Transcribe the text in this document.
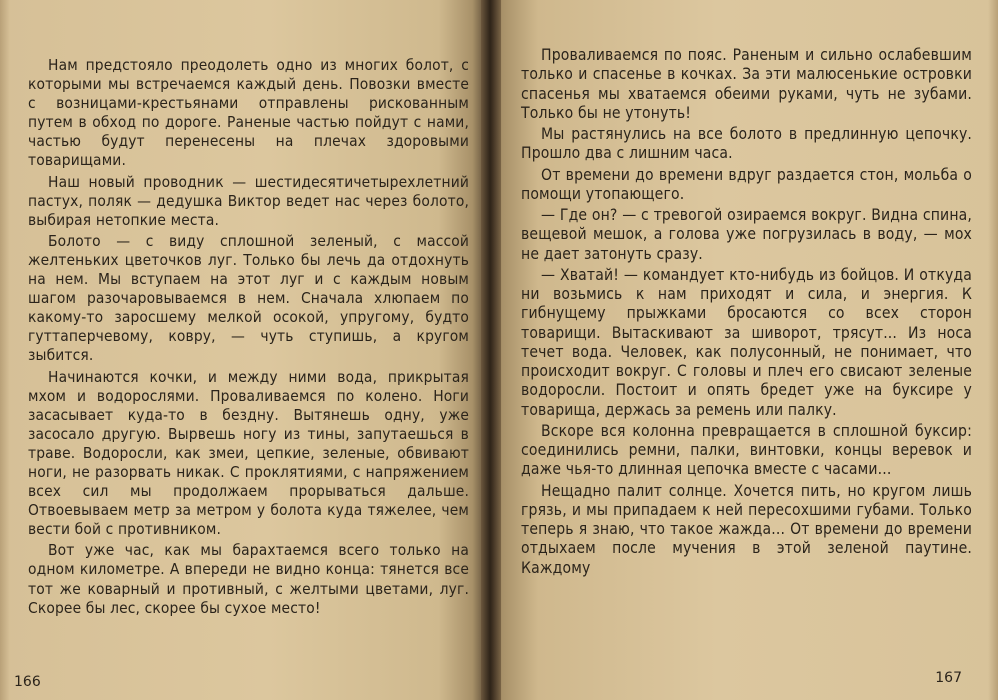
Нам предстояло преодолеть одно из многих болот, с которыми мы встречаемся каждый день. Повозки вместе с возницами-крестьянами отправлены рискованным путем в обход по дороге. Раненые частью пойдут с нами, частью будут перенесены на плечах здоровыми товарищами.

Наш новый проводник — шестидесятичетырехлетний пастух, поляк — дедушка Виктор ведет нас через болото, выбирая нетопкие места.

Болото — с виду сплошной зеленый, с массой желтеньких цветочков луг. Только бы лечь да отдохнуть на нем. Мы вступаем на этот луг и с каждым новым шагом разочаровываемся в нем. Сначала хлюпаем по какому-то заросшему мелкой осокой, упругому, будто гуттаперчевому, ковру, — чуть ступишь, а кругом зыбится.

Начинаются кочки, и между ними вода, прикрытая мхом и водорослями. Проваливаемся по колено. Ноги засасывает куда-то в бездну. Вытянешь одну, уже засосало другую. Вырвешь ногу из тины, запутаешься в траве. Водоросли, как змеи, цепкие, зеленые, обвивают ноги, не разорвать никак. С проклятиями, с напряжением всех сил мы продолжаем прорываться дальше. Отвоевываем метр за метром у болота куда тяжелее, чем вести бой с противником.

Вот уже час, как мы барахтаемся всего только на одном километре. А впереди не видно конца: тянется все тот же коварный и противный, с желтыми цветами, луг. Скорее бы лес, скорее бы сухое место!

166

Проваливаемся по пояс. Раненым и сильно ослабевшим только и спасенье в кочках. За эти малюсенькие островки спасенья мы хватаемся обеими руками, чуть не зубами. Только бы не утонуть!

Мы растянулись на все болото в предлинную цепочку. Прошло два с лишним часа.

От времени до времени вдруг раздается стон, мольба о помощи утопающего.

— Где он? — с тревогой озираемся вокруг. Видна спина, вещевой мешок, а голова уже погрузилась в воду, — мох не дает затонуть сразу.

— Хватай! — командует кто-нибудь из бойцов. И откуда ни возьмись к нам приходят и сила, и энергия. К гибнущему прыжками бросаются со всех сторон товарищи. Вытаскивают за шиворот, трясут... Из носа течет вода. Человек, как полусонный, не понимает, что происходит вокруг. С головы и плеч его свисают зеленые водоросли. Постоит и опять бредет уже на буксире у товарища, держась за ремень или палку.

Вскоре вся колонна превращается в сплошной буксир: соединились ремни, палки, винтовки, концы веревок и даже чья-то длинная цепочка вместе с часами...

Нещадно палит солнце. Хочется пить, но кругом лишь грязь, и мы припадаем к ней пересохшими губами. Только теперь я знаю, что такое жажда... От времени до времени отдыхаем после мучения в этой зеленой паутине. Каждому

167
